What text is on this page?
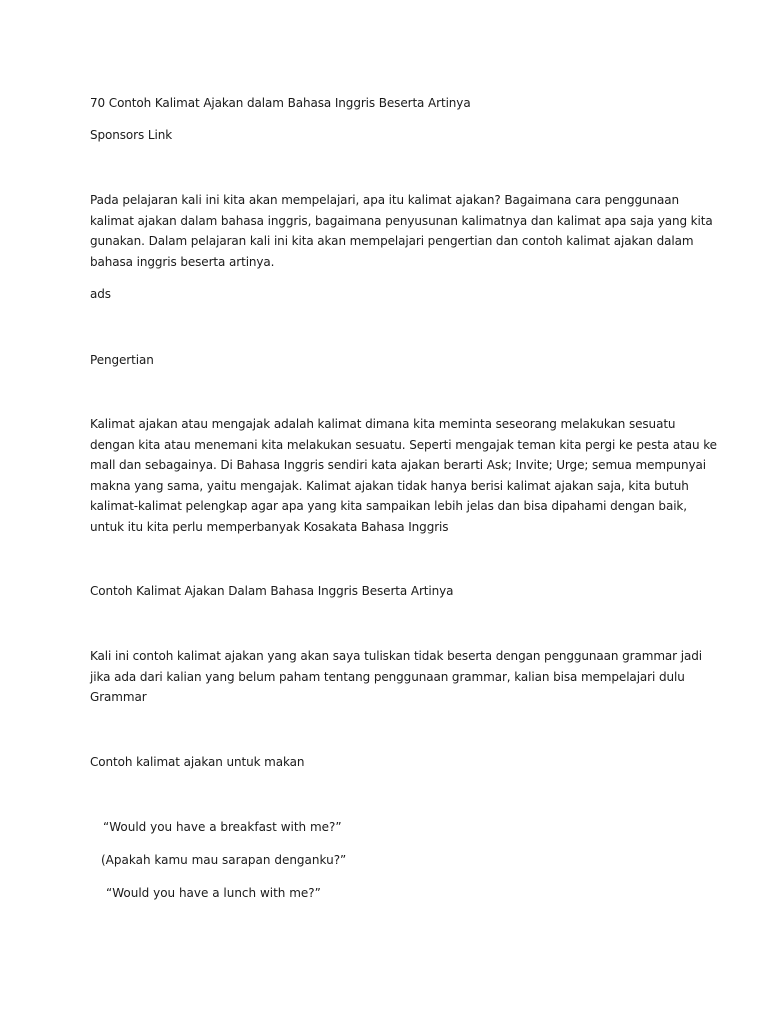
70 Contoh Kalimat Ajakan dalam Bahasa Inggris Beserta Artinya
Sponsors Link
Pada pelajaran kali ini kita akan mempelajari, apa itu kalimat ajakan? Bagaimana cara penggunaan
kalimat ajakan dalam bahasa inggris, bagaimana penyusunan kalimatnya dan kalimat apa saja yang kita
gunakan. Dalam pelajaran kali ini kita akan mempelajari pengertian dan contoh kalimat ajakan dalam
bahasa inggris beserta artinya.
ads
Pengertian
Kalimat ajakan atau mengajak adalah kalimat dimana kita meminta seseorang melakukan sesuatu
dengan kita atau menemani kita melakukan sesuatu. Seperti mengajak teman kita pergi ke pesta atau ke
mall dan sebagainya. Di Bahasa Inggris sendiri kata ajakan berarti Ask; Invite; Urge; semua mempunyai
makna yang sama, yaitu mengajak. Kalimat ajakan tidak hanya berisi kalimat ajakan saja, kita butuh
kalimat-kalimat pelengkap agar apa yang kita sampaikan lebih jelas dan bisa dipahami dengan baik,
untuk itu kita perlu memperbanyak Kosakata Bahasa Inggris
Contoh Kalimat Ajakan Dalam Bahasa Inggris Beserta Artinya
Kali ini contoh kalimat ajakan yang akan saya tuliskan tidak beserta dengan penggunaan grammar jadi
jika ada dari kalian yang belum paham tentang penggunaan grammar, kalian bisa mempelajari dulu
Grammar
Contoh kalimat ajakan untuk makan
“Would you have a breakfast with me?”
(Apakah kamu mau sarapan denganku?”
“Would you have a lunch with me?”
